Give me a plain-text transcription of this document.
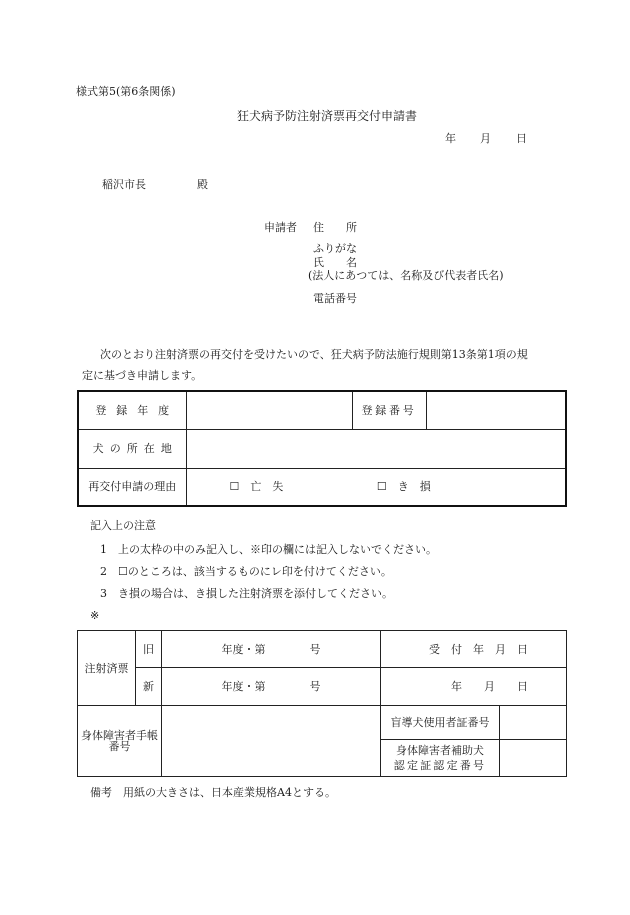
様式第5(第6条関係)
狂犬病予防注射済票再交付申請書
年 月 日
稲沢市長	殿
申請者 住　　所
ふりがな
氏　　名
(法人にあつては、名称及び代表者氏名)
電話番号
次のとおり注射済票の再交付を受けたいので、狂犬病予防法施行規則第13条第1項の規
定に基づき申請します。
登録年度		登録番号	
犬の所在地			
再交付申請の理由	☐　亡　失 ☐　き　損		
記入上の注意
1　上の太枠の中のみ記入し、※印の欄には記入しないでください。
2　☐のところは、該当するものにレ印を付けてください。
3　き損の場合は、き損した注射済票を添付してください。
※
注射済票	旧	年度・第　　　　号	受　付　年　月　日	
	新	年度・第　　　　号	年　　月　　日	
身体障害者手帳番号			盲導犬使用者証番号	

			身体障害者補助犬
認定証認定番号	

備考　用紙の大きさは、日本産業規格A4とする。
